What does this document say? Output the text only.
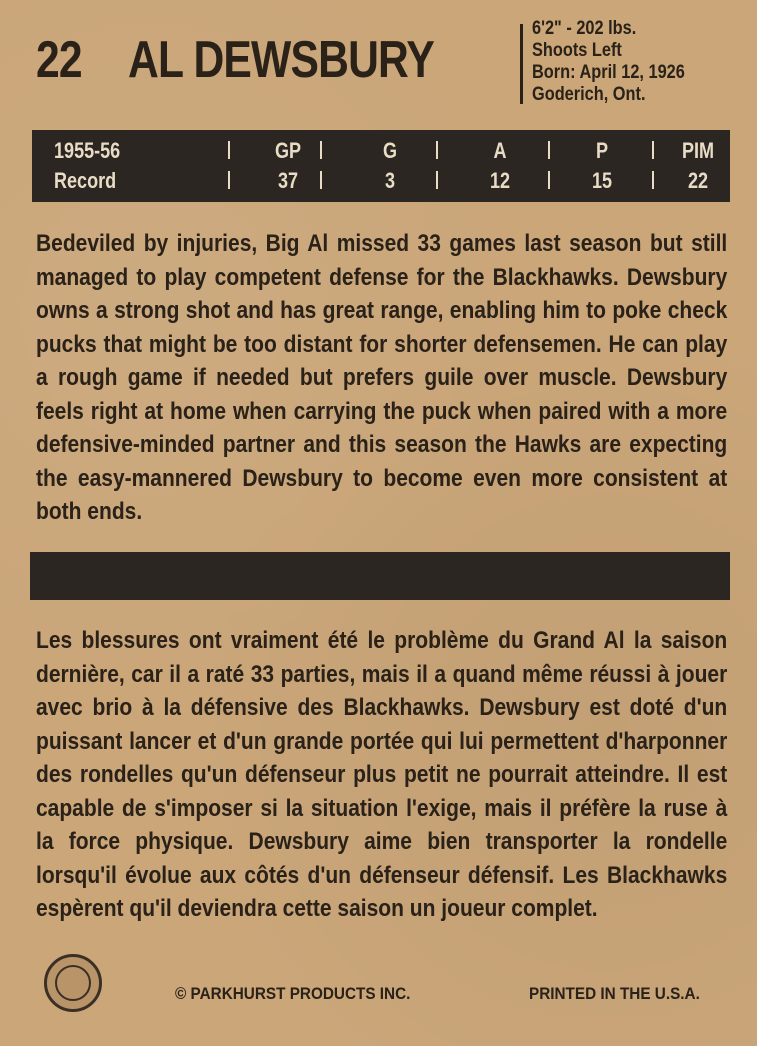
22 AL DEWSBURY
6'2" - 202 lbs.
Shoots Left
Born: April 12, 1926
Goderich, Ont.
1955-56	GP	G	A	P	PIM
Record	37	3	12	15	22
Bedeviled by injuries, Big Al missed 33 games last season but still managed to play competent defense for the Blackhawks. Dewsbury owns a strong shot and has great range, enabling him to poke check pucks that might be too distant for shorter defensemen. He can play a rough game if needed but prefers guile over muscle. Dewsbury feels right at home when carrying the puck when paired with a more defensive-minded partner and this season the Hawks are expecting the easy-mannered Dewsbury to become even more consistent at both ends.
Les blessures ont vraiment été le problème du Grand Al la saison dernière, car il a raté 33 parties, mais il a quand même réussi à jouer avec brio à la défensive des Blackhawks. Dewsbury est doté d'un puissant lancer et d'un grande portée qui lui permettent d'harponner des rondelles qu'un défenseur plus petit ne pourrait atteindre. Il est capable de s'imposer si la situation l'exige, mais il préfère la ruse à la force physique. Dewsbury aime bien transporter la rondelle lorsqu'il évolue aux côtés d'un défenseur défensif. Les Blackhawks espèrent qu'il deviendra cette saison un joueur complet.
© PARKHURST PRODUCTS INC.	PRINTED IN THE U.S.A.
